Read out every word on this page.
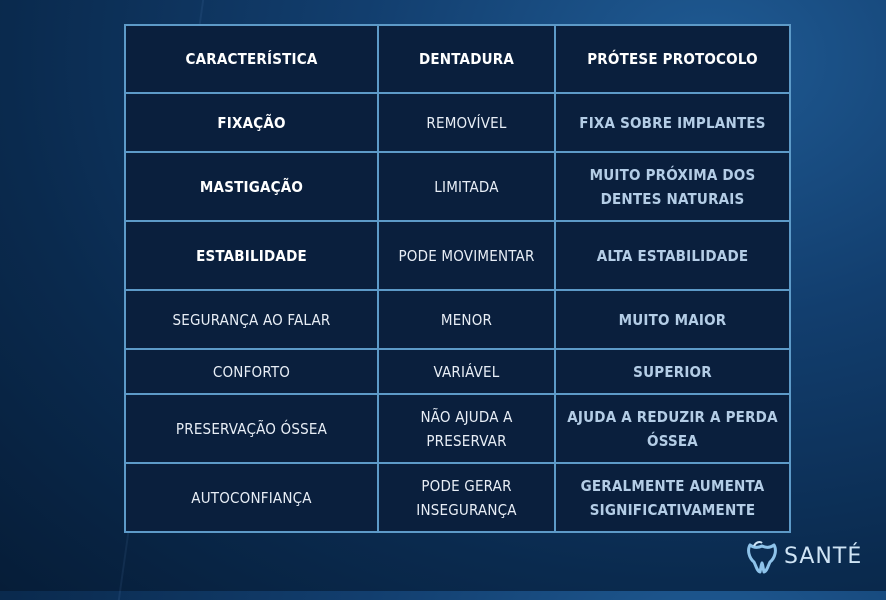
CARACTERÍSTICA	DENTADURA	PRÓTESE PROTOCOLO
FIXAÇÃO	REMOVÍVEL	FIXA SOBRE IMPLANTES
MASTIGAÇÃO	LIMITADA	MUITO PRÓXIMA DOS DENTES NATURAIS
ESTABILIDADE	PODE MOVIMENTAR	ALTA ESTABILIDADE
SEGURANÇA AO FALAR	MENOR	MUITO MAIOR
CONFORTO	VARIÁVEL	SUPERIOR
PRESERVAÇÃO ÓSSEA	NÃO AJUDA A PRESERVAR	AJUDA A REDUZIR A PERDA ÓSSEA
AUTOCONFIANÇA	PODE GERAR INSEGURANÇA	GERALMENTE AUMENTA SIGNIFICATIVAMENTE
SANTÉ
